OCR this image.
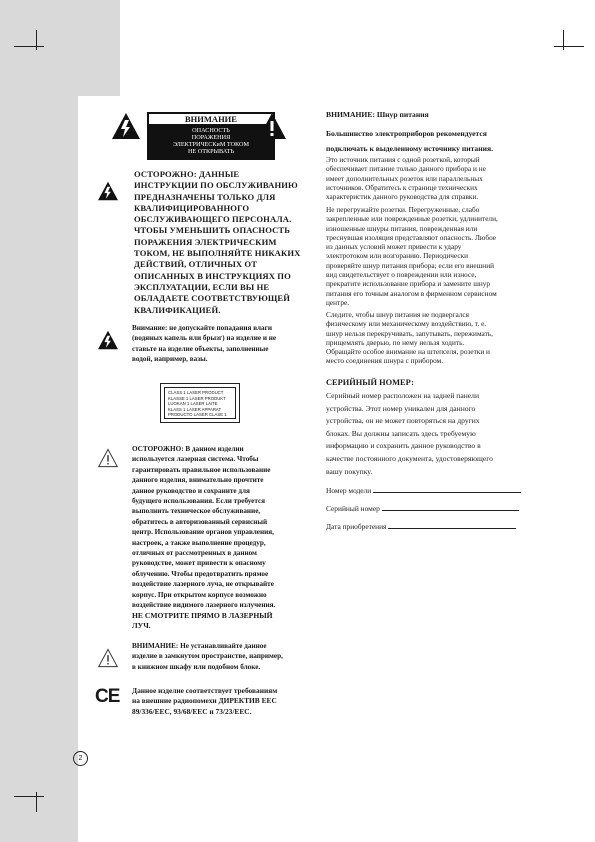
ВНИМАНИЕ
ОПАСНОСТЬ
ПОРАЖЕНИЯ
ЭЛЕКТРИЧЕСКиМ ТОКОМ
НЕ ОТКРЫВАТЬ
ОСТОРОЖНО: ДАННЫЕ
ИНСТРУКЦИИ ПО ОБСЛУЖИВАНИЮ
ПРЕДНАЗНАЧЕНЫ ТОЛЬКО ДЛЯ
КВАЛИФИЦИРОВАННОГО
ОБСЛУЖИВАЮЩЕГО ПЕРСОНАЛА.
ЧТОБЫ УМЕНЬШИТЬ ОПАСНОСТЬ
ПОРАЖЕНИЯ ЭЛЕКТРИЧЕСКИМ
ТОКОМ, НЕ ВЫПОЛНЯЙТЕ НИКАКИХ
ДЕЙСТВИЙ, ОТЛИЧНЫХ ОТ
ОПИСАННЫХ В ИНСТРУКЦИЯХ ПО
ЭКСПЛУАТАЦИИ, ЕСЛИ ВЫ НЕ
ОБЛАДАЕТЕ СООТВЕТСТВУЮЩЕЙ
КВАЛИФИКАЦИЕЙ.
Внимание: не допускайте попадания влаги
(водяных капель или брызг) на изделие и не
ставьте на изделие объекты, заполненные
водой, например, вазы.
CLASS 1 LASER PRODUCT
KLASSE 1 LASER PRODUKT
LUOKAN 1 LASER LAITE
KLASS 1 LASER APPARAT
PRODUCTO LASER CLASE 1
ОСТОРОЖНО: В данном изделии
используется лазерная система. Чтобы
гарантировать правильное использование
данного изделия, внимательно прочтите
данное руководство и сохраните для
будущего использования. Если требуется
выполнить техническое обслуживание,
обратитесь в авторизованный сервисный
центр. Использование органов управления,
настроек, а также выполнение процедур,
отличных от рассмотренных в данном
руководстве, может привести к опасному
облучению. Чтобы предотвратить прямое
воздействие лазерного луча, не открывайте
корпус. При открытом корпусе возможно
воздействие видимого лазерного излучения.
НЕ СМОТРИТЕ ПРЯМО В ЛАЗЕРНЫЙ
ЛУЧ.
ВНИМАНИЕ: Не устанавливайте данное
изделие в замкнутом пространстве, например,
в книжном шкафу или подобном блоке.
CE	Данное изделие соответствует требованиям
на внешние радиопомехи ДИРЕКТИВ EEC
89/336/EEC, 93/68/EEC и 73/23/EEC.
2
ВНИМАНИЕ: Шнур питания
Большинство электроприборов рекомендуется
подключать к выделенному источнику питания.
Это источник питания с одной розеткой, который
обеспечивает питание только данного прибора и не
имеет дополнительных розеток или параллельных
источников. Обратитесь к странице технических
характеристик данного руководства для справки.
Не перегружайте розетки. Перегруженные, слабо
закрепленные или поврежденные розетки, удлинители,
изношенные шнуры питания, поврежденная или
треснувшая изоляция представляют опасность. Любое
из данных условий может привести к удару
электротоком или возгоранию. Периодически
проверяйте шнур питания прибора; если его внешний
вид свидетельствует о повреждении или износе,
прекратите использование прибора и замените шнур
питания его точным аналогом в фирменном сервисном
центре.
Следите, чтобы шнур питания не подвергался
физическому или механическому воздействию, т. е.
шнур нельзя перекручивать, запутывать, пережимать,
прищемлять дверью, по нему нельзя ходить.
Обращайте особое внимание на штепселя, розетки и
место соединения шнура с прибором.
СЕРИЙНЫЙ НОМЕР:
Серийный номер расположен на задней панели
устройства. Этот номер уникален для данного
устройства, он не может повторяться на других
блоках. Вы должны записать здесь требуемую
информацию и сохранить данное руководство в
качестве постоянного документа, удостоверяющего
вашу покупку.
Номер модели
Серийный номер
Дата приобретения
